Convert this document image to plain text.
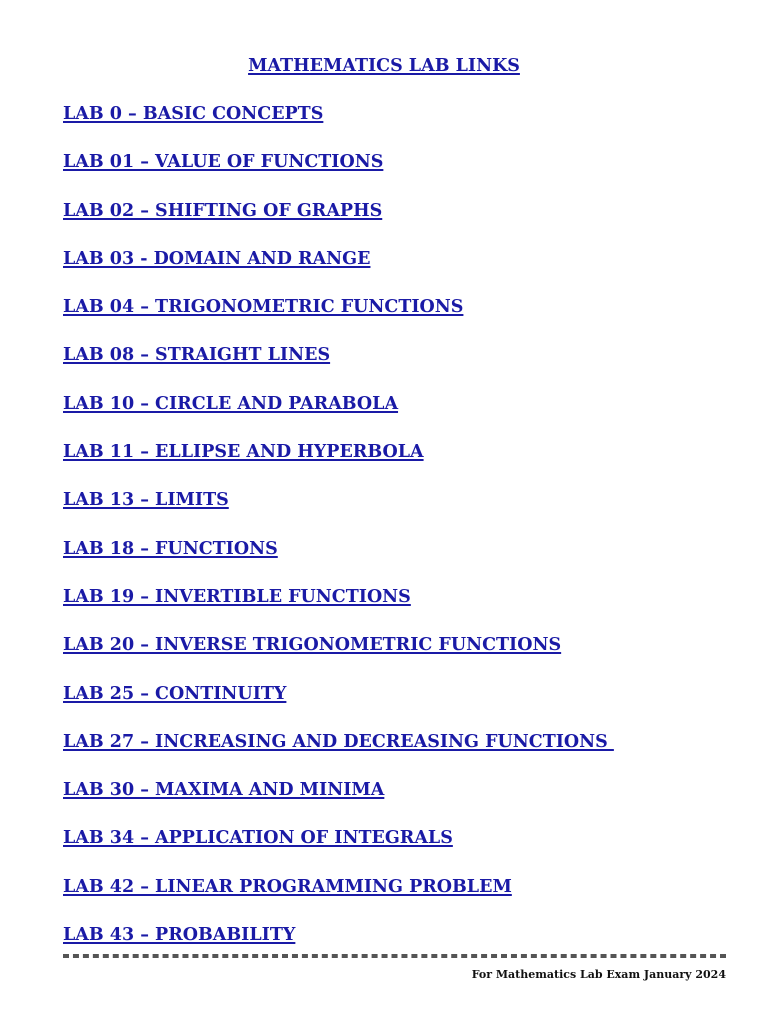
MATHEMATICS LAB LINKS
LAB 0 – BASIC CONCEPTS
LAB 01 – VALUE OF FUNCTIONS
LAB 02 – SHIFTING OF GRAPHS
LAB 03 - DOMAIN AND RANGE
LAB 04 – TRIGONOMETRIC FUNCTIONS
LAB 08 – STRAIGHT LINES
LAB 10 – CIRCLE AND PARABOLA
LAB 11 – ELLIPSE AND HYPERBOLA
LAB 13 – LIMITS
LAB 18 – FUNCTIONS
LAB 19 – INVERTIBLE FUNCTIONS
LAB 20 – INVERSE TRIGONOMETRIC FUNCTIONS
LAB 25 – CONTINUITY
LAB 27 – INCREASING AND DECREASING FUNCTIONS
LAB 30 – MAXIMA AND MINIMA
LAB 34 – APPLICATION OF INTEGRALS
LAB 42 – LINEAR PROGRAMMING PROBLEM
LAB 43 – PROBABILITY
For Mathematics Lab Exam January 2024
